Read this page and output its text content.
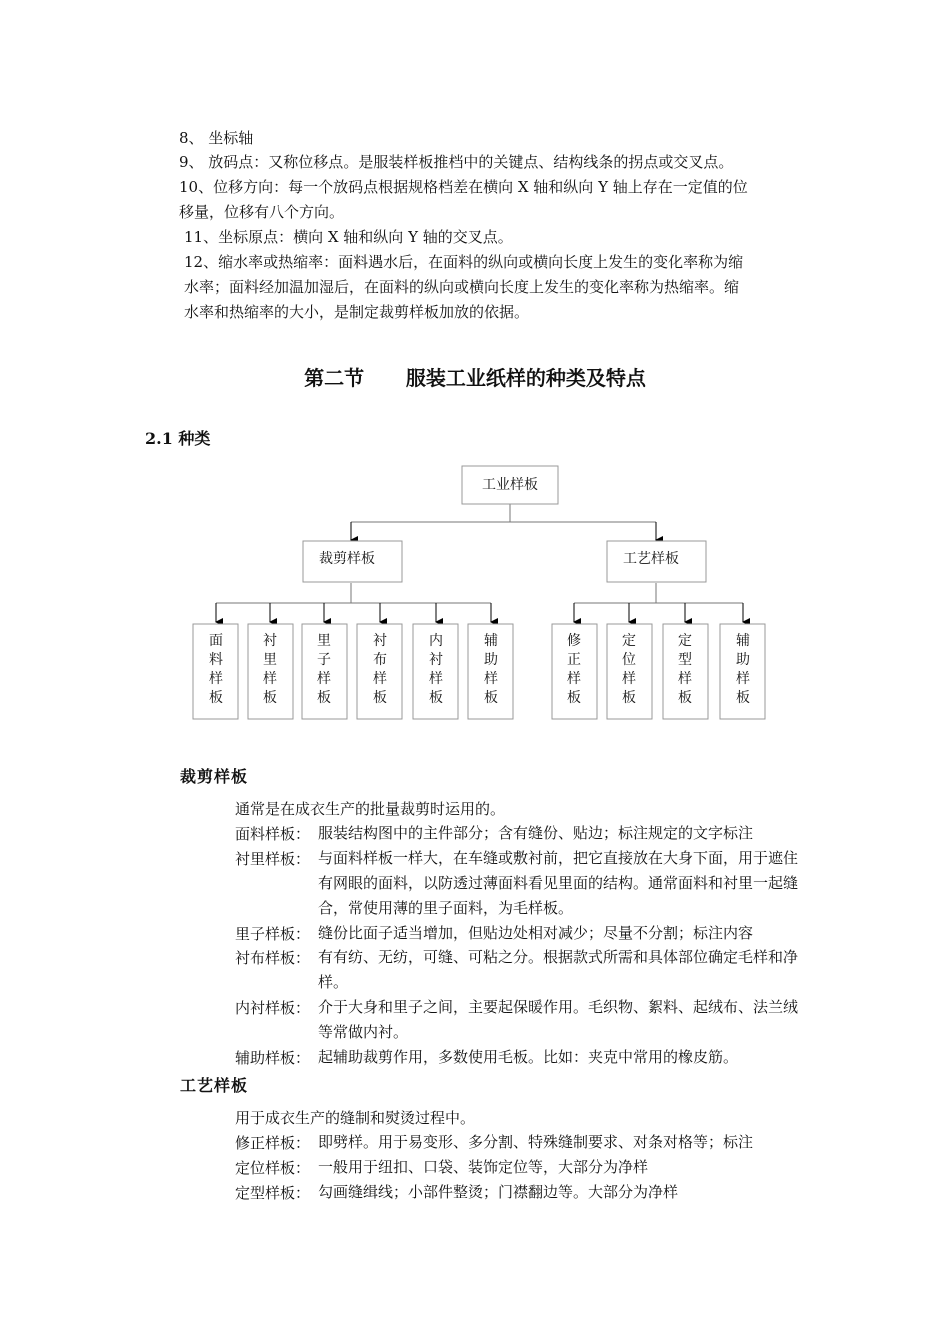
8、 坐标轴
9、 放码点：又称位移点。是服装样板推档中的关键点、结构线条的拐点或交叉点。
10、位移方向：每一个放码点根据规格档差在横向 X 轴和纵向 Y 轴上存在一定值的位
移量，位移有八个方向。
11、坐标原点：横向 X 轴和纵向 Y 轴的交叉点。
12、缩水率或热缩率：面料遇水后，在面料的纵向或横向长度上发生的变化率称为缩
水率；面料经加温加湿后，在面料的纵向或横向长度上发生的变化率称为热缩率。缩
水率和热缩率的大小，是制定裁剪样板加放的依据。
第二节      服装工业纸样的种类及特点
2.1 种类
工业样板
裁剪样板	工艺样板
面料样板
衬里样板
里子样板
衬布样板
内衬样板
辅助样板
修正样板
定位样板
定型样板
辅助样板
裁剪样板
通常是在成衣生产的批量裁剪时运用的。
面料样板： 服装结构图中的主件部分；含有缝份、贴边；标注规定的文字标注
衬里样板： 与面料样板一样大，在车缝或敷衬前，把它直接放在大身下面，用于遮住有网眼的面料，以防透过薄面料看见里面的结构。通常面料和衬里一起缝合，常使用薄的里子面料，为毛样板。
里子样板： 缝份比面子适当增加，但贴边处相对减少；尽量不分割；标注内容
衬布样板： 有有纺、无纺，可缝、可粘之分。根据款式所需和具体部位确定毛样和净样。
内衬样板： 介于大身和里子之间，主要起保暖作用。毛织物、絮料、起绒布、法兰绒等常做内衬。
辅助样板： 起辅助裁剪作用，多数使用毛板。比如：夹克中常用的橡皮筋。
工艺样板
用于成衣生产的缝制和熨烫过程中。
修正样板： 即劈样。用于易变形、多分割、特殊缝制要求、对条对格等；标注
定位样板： 一般用于纽扣、口袋、装饰定位等，大部分为净样
定型样板： 勾画缝缉线；小部件整烫；门襟翻边等。大部分为净样
